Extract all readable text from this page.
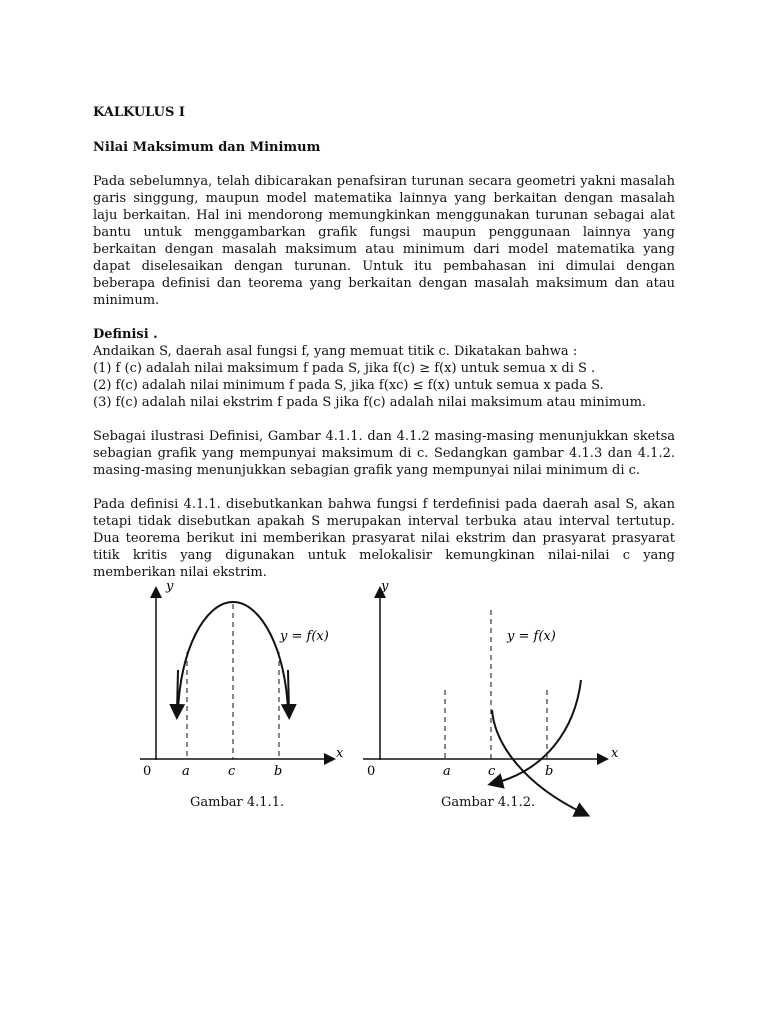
KALKULUS I

Nilai Maksimum dan Minimum

Pada sebelumnya, telah dibicarakan penafsiran turunan secara geometri yakni masalah garis singgung, maupun model matematika lainnya yang berkaitan dengan masalah laju berkaitan. Hal ini mendorong memungkinkan menggunakan turunan sebagai alat bantu untuk menggambarkan grafik fungsi maupun penggunaan lainnya yang berkaitan dengan masalah maksimum atau minimum dari model matematika yang dapat diselesaikan dengan turunan. Untuk itu pembahasan ini dimulai dengan beberapa definisi dan teorema yang berkaitan dengan masalah maksimum dan atau minimum.

Definisi .

Andaikan S, daerah asal fungsi f, yang memuat titik c. Dikatakan bahwa :

(1) f (c) adalah nilai maksimum f pada S, jika f(c) ≥ f(x) untuk semua x di S .

(2) f(c) adalah nilai minimum f pada S, jika f(xc) ≤ f(x) untuk semua x pada S.

(3) f(c) adalah nilai ekstrim f pada S jika f(c) adalah nilai maksimum atau minimum.

Sebagai ilustrasi Definisi, Gambar 4.1.1. dan 4.1.2 masing-masing menunjukkan sketsa sebagian grafik yang mempunyai maksimum di c. Sedangkan gambar 4.1.3 dan 4.1.2. masing-masing menunjukkan sebagian grafik yang mempunyai nilai minimum di c.

Pada definisi 4.1.1. disebutkankan bahwa fungsi f terdefinisi pada daerah asal S, akan tetapi tidak disebutkan apakah S merupakan interval terbuka atau interval tertutup. Dua teorema berikut ini memberikan prasyarat nilai ekstrim dan prasyarat prasyarat titik kritis yang digunakan untuk melokalisir kemungkinan nilai-nilai c yang memberikan nilai ekstrim.

y
x
0 a	c	b
y = f(x)
Gambar 4.1.1.
y
x
0	a	c	b
y = f(x)
Gambar 4.1.2.
